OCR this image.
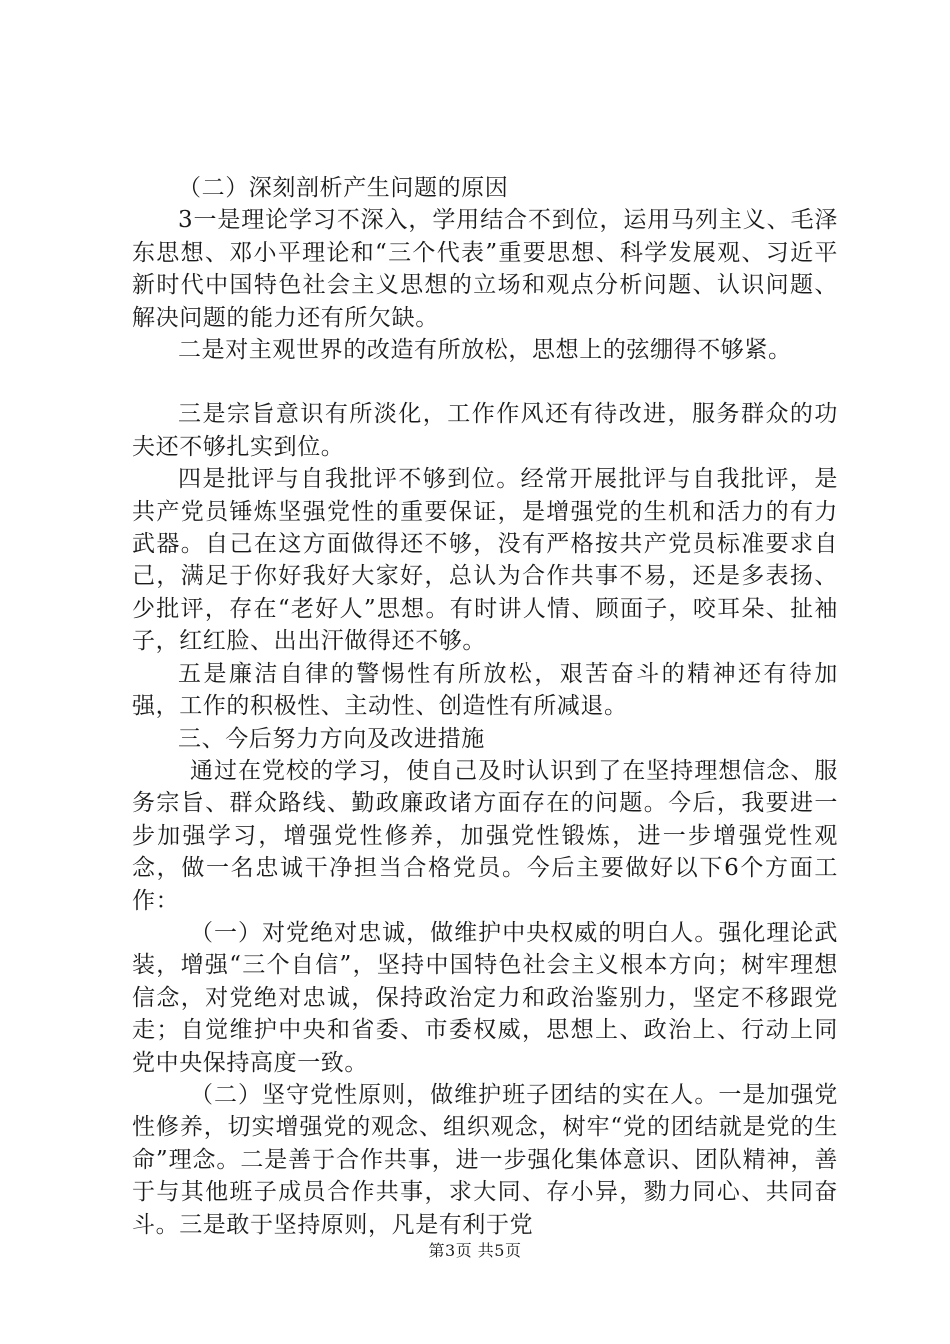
（二）深刻剖析产生问题的原因

3一是理论学习不深入，学用结合不到位，运用马列主义、毛泽东思想、邓小平理论和“三个代表”重要思想、科学发展观、习近平新时代中国特色社会主义思想的立场和观点分析问题、认识问题、解决问题的能力还有所欠缺。

二是对主观世界的改造有所放松，思想上的弦绷得不够紧。

三是宗旨意识有所淡化，工作作风还有待改进，服务群众的功夫还不够扎实到位。

四是批评与自我批评不够到位。经常开展批评与自我批评，是共产党员锤炼坚强党性的重要保证，是增强党的生机和活力的有力武器。自己在这方面做得还不够，没有严格按共产党员标准要求自己，满足于你好我好大家好，总认为合作共事不易，还是多表扬、少批评，存在“老好人”思想。有时讲人情、顾面子，咬耳朵、扯袖子，红红脸、出出汗做得还不够。

五是廉洁自律的警惕性有所放松，艰苦奋斗的精神还有待加强，工作的积极性、主动性、创造性有所减退。

三、今后努力方向及改进措施

通过在党校的学习，使自己及时认识到了在坚持理想信念、服务宗旨、群众路线、勤政廉政诸方面存在的问题。今后，我要进一步加强学习，增强党性修养，加强党性锻炼，进一步增强党性观念，做一名忠诚干净担当合格党员。今后主要做好以下6个方面工作：

（一）对党绝对忠诚，做维护中央权威的明白人。强化理论武装，增强“三个自信”，坚持中国特色社会主义根本方向；树牢理想信念，对党绝对忠诚，保持政治定力和政治鉴别力，坚定不移跟党走；自觉维护中央和省委、市委权威，思想上、政治上、行动上同党中央保持高度一致。

（二）坚守党性原则，做维护班子团结的实在人。一是加强党性修养，切实增强党的观念、组织观念，树牢“党的团结就是党的生命”理念。二是善于合作共事，进一步强化集体意识、团队精神，善于与其他班子成员合作共事，求大同、存小异，勠力同心、共同奋斗。三是敢于坚持原则，凡是有利于党

第3页 共5页
